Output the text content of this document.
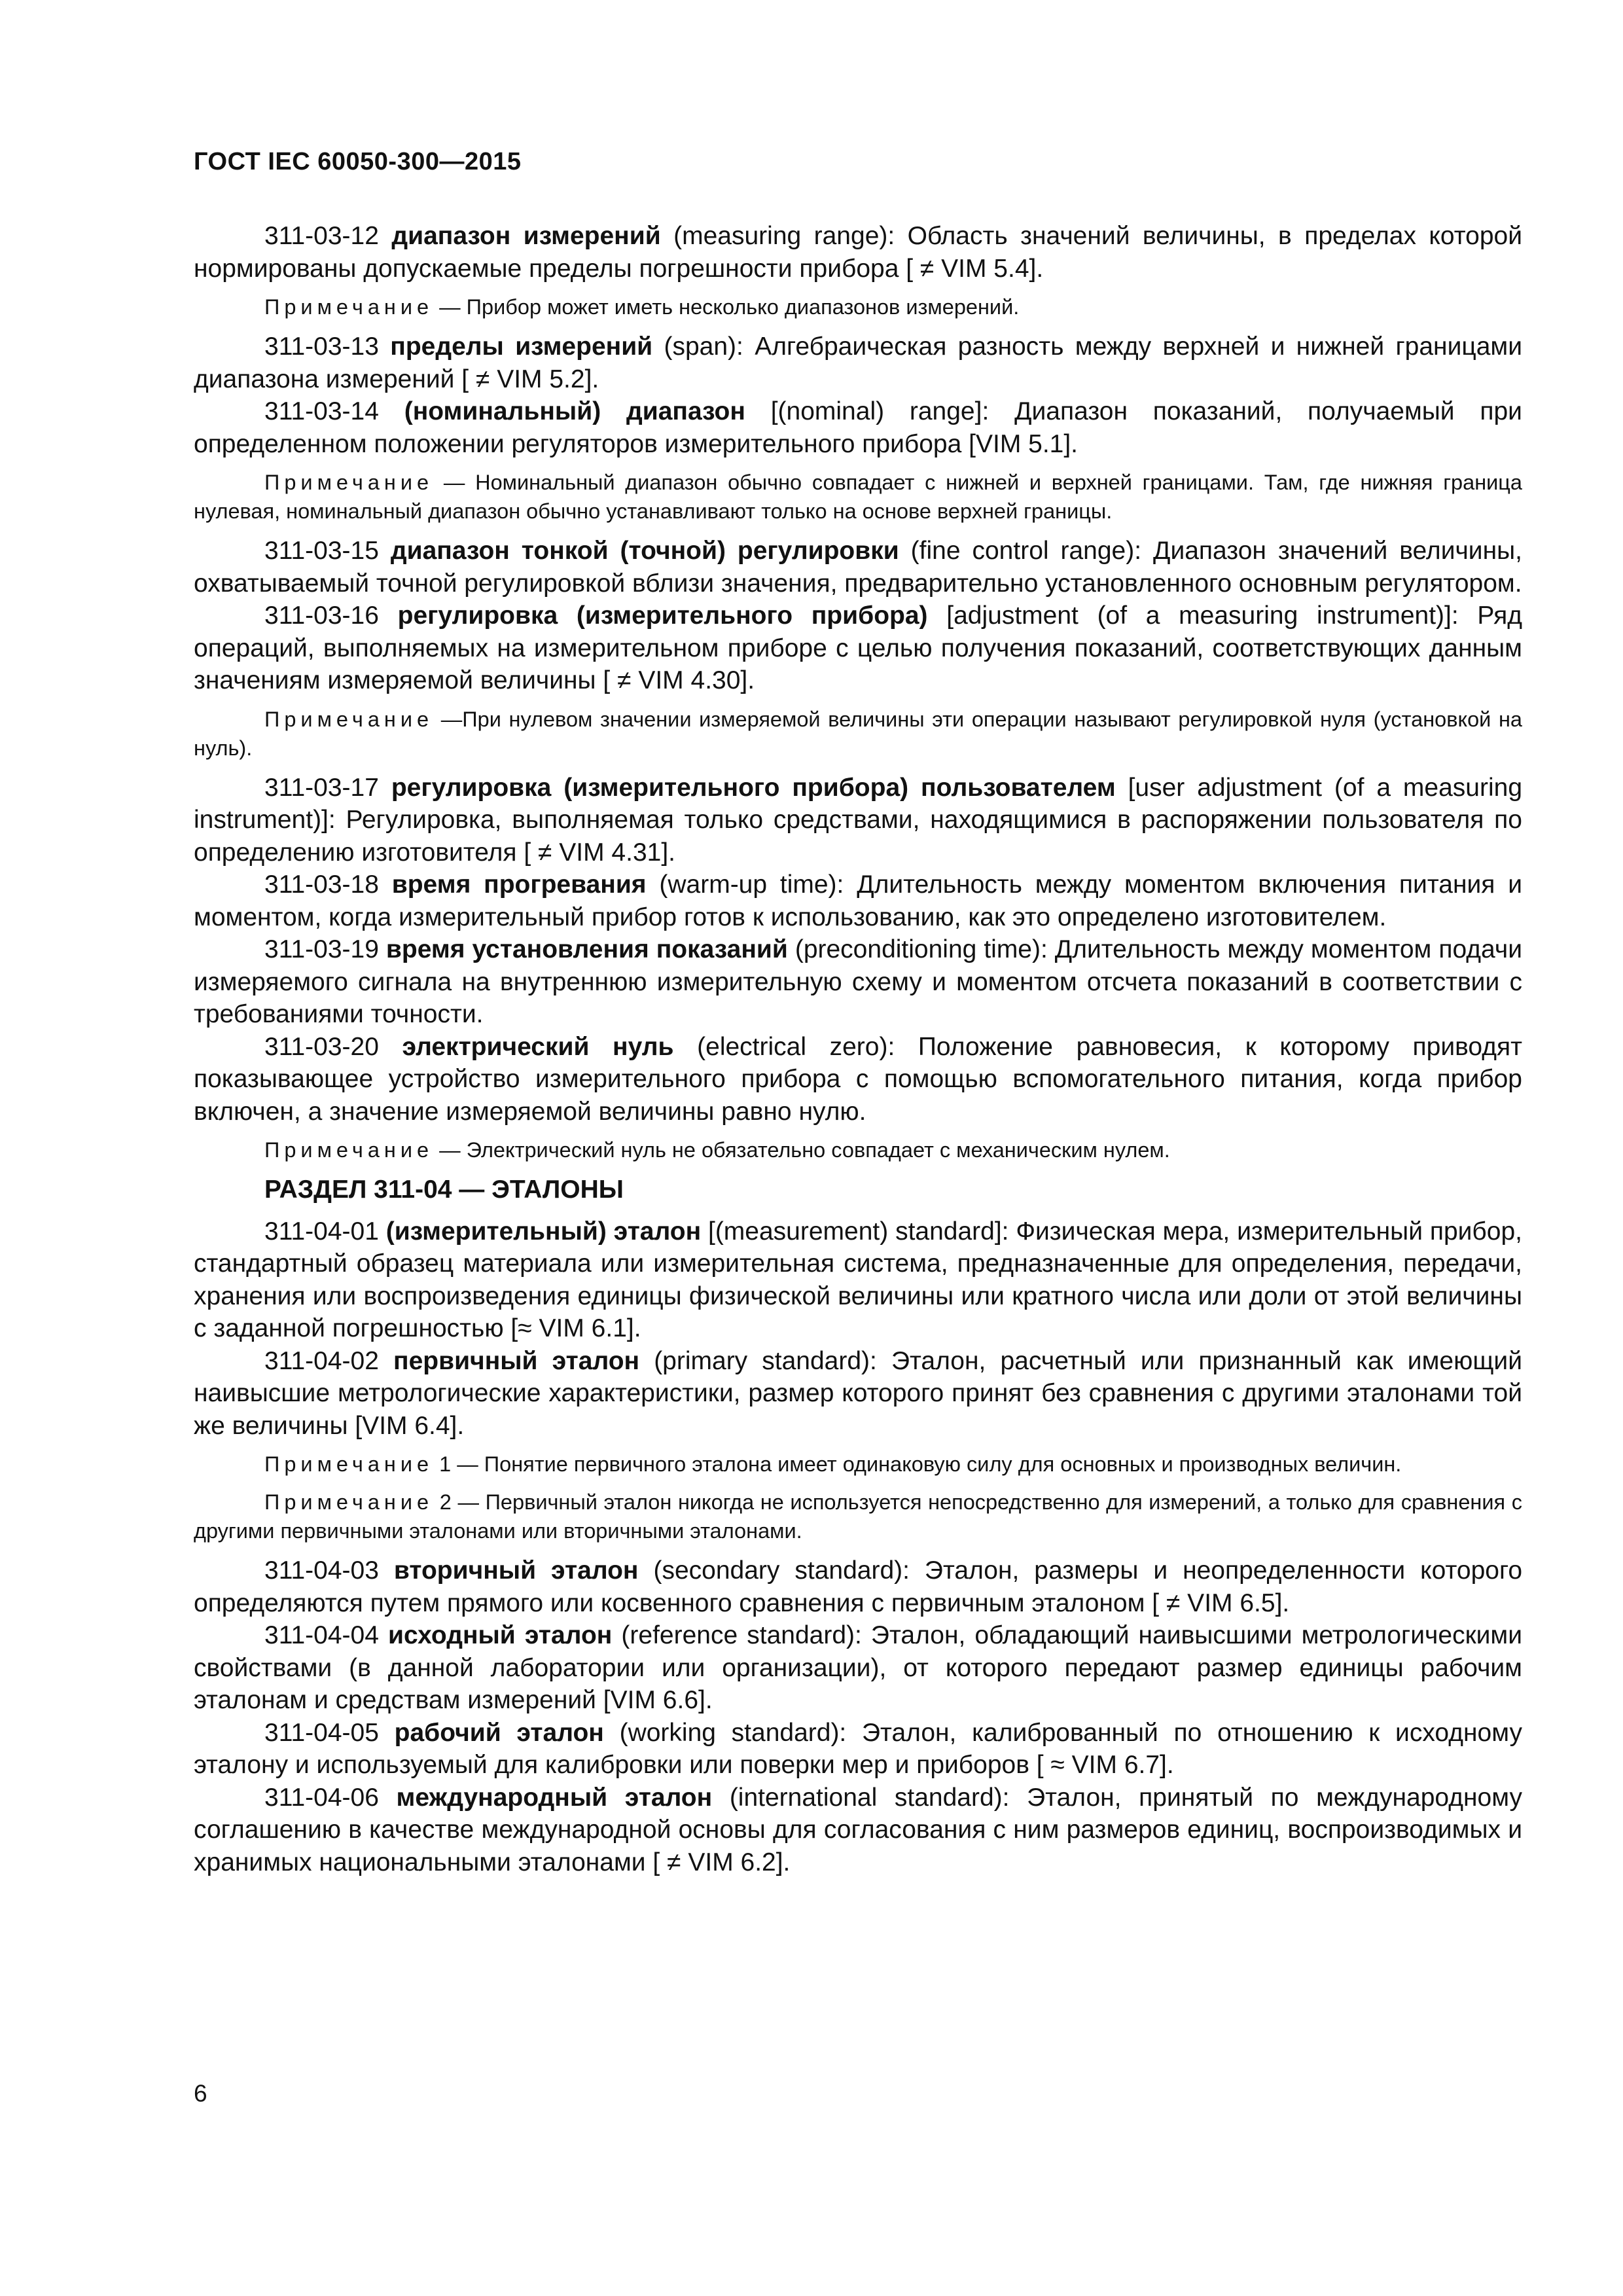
ГОСТ IEC 60050-300—2015

311-03-12 диапазон измерений (measuring range): Область значений величины, в пределах которой нормированы допускаемые пределы погрешности прибора [ ≠ VIM 5.4].

Примечание — Прибор может иметь несколько диапазонов измерений.

311-03-13 пределы измерений (span): Алгебраическая разность между верхней и нижней границами диапазона измерений [ ≠ VIM 5.2].

311-03-14 (номинальный) диапазон [(nominal) range]: Диапазон показаний, получаемый при определенном положении регуляторов измерительного прибора [VIM 5.1].

Примечание — Номинальный диапазон обычно совпадает с нижней и верхней границами. Там, где нижняя граница нулевая, номинальный диапазон обычно устанавливают только на основе верхней границы.

311-03-15 диапазон тонкой (точной) регулировки (fine control range): Диапазон значений величины, охватываемый точной регулировкой вблизи значения, предварительно установленного основным регулятором.

311-03-16 регулировка (измерительного прибора) [adjustment (of a measuring instrument)]: Ряд операций, выполняемых на измерительном приборе с целью получения показаний, соответствующих данным значениям измеряемой величины [ ≠ VIM 4.30].

Примечание —При нулевом значении измеряемой величины эти операции называют регулировкой нуля (установкой на нуль).

311-03-17 регулировка (измерительного прибора) пользователем [user adjustment (of a measuring instrument)]: Регулировка, выполняемая только средствами, находящимися в распоряжении пользователя по определению изготовителя [ ≠ VIM 4.31].

311-03-18 время прогревания (warm-up time): Длительность между моментом включения питания и моментом, когда измерительный прибор готов к использованию, как это определено изготовителем.

311-03-19 время установления показаний (preconditioning time): Длительность между моментом подачи измеряемого сигнала на внутреннюю измерительную схему и моментом отсчета показаний в соответствии с требованиями точности.

311-03-20 электрический нуль (electrical zero): Положение равновесия, к которому приводят показывающее устройство измерительного прибора с помощью вспомогательного питания, когда прибор включен, а значение измеряемой величины равно нулю.

Примечание — Электрический нуль не обязательно совпадает с механическим нулем.

РАЗДЕЛ 311-04 — ЭТАЛОНЫ

311-04-01 (измерительный) эталон [(measurement) standard]: Физическая мера, измерительный прибор, стандартный образец материала или измерительная система, предназначенные для определения, передачи, хранения или воспроизведения единицы физической величины или кратного числа или доли от этой величины с заданной погрешностью [≈ VIM 6.1].

311-04-02 первичный эталон (primary standard): Эталон, расчетный или признанный как имеющий наивысшие метрологические характеристики, размер которого принят без сравнения с другими эталонами той же величины [VIM 6.4].

Примечание 1 — Понятие первичного эталона имеет одинаковую силу для основных и производных величин.

Примечание 2 — Первичный эталон никогда не используется непосредственно для измерений, а только для сравнения с другими первичными эталонами или вторичными эталонами.

311-04-03 вторичный эталон (secondary standard): Эталон, размеры и неопределенности которого определяются путем прямого или косвенного сравнения с первичным эталоном [ ≠ VIM 6.5].

311-04-04 исходный эталон (reference standard): Эталон, обладающий наивысшими метрологическими свойствами (в данной лаборатории или организации), от которого передают размер единицы рабочим эталонам и средствам измерений [VIM 6.6].

311-04-05 рабочий эталон (working standard): Эталон, калиброванный по отношению к исходному эталону и используемый для калибровки или поверки мер и приборов [ ≈ VIM 6.7].

311-04-06 международный эталон (international standard): Эталон, принятый по международному соглашению в качестве международной основы для согласования с ним размеров единиц, воспроизводимых и хранимых национальными эталонами [ ≠ VIM 6.2].

6
